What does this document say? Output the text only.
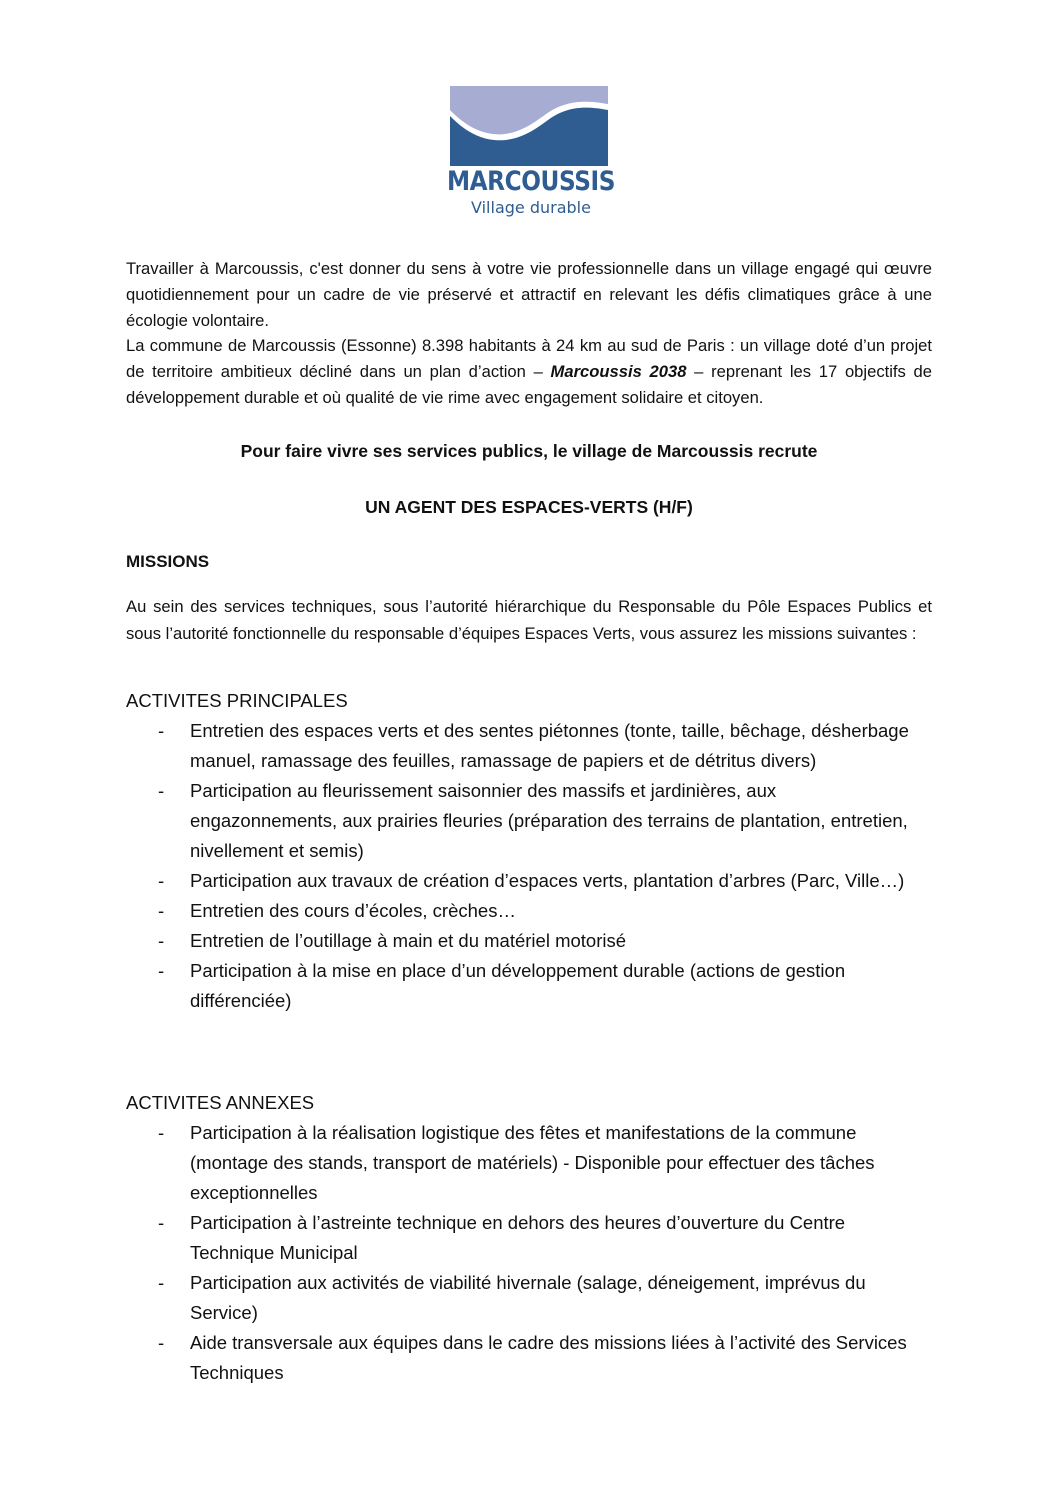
MARCOUSSIS
Village durable

Travailler à Marcoussis, c'est donner du sens à votre vie professionnelle dans un village engagé qui œuvre quotidiennement pour un cadre de vie préservé et attractif en relevant les défis climatiques grâce à une écologie volontaire.

La commune de Marcoussis (Essonne) 8.398 habitants à 24 km au sud de Paris : un village doté d’un projet de territoire ambitieux décliné dans un plan d’action – Marcoussis 2038 – reprenant les 17 objectifs de développement durable et où qualité de vie rime avec engagement solidaire et citoyen.

Pour faire vivre ses services publics, le village de Marcoussis recrute
UN AGENT DES ESPACES-VERTS (H/F)
MISSIONS
Au sein des services techniques, sous l’autorité hiérarchique du Responsable du Pôle Espaces Publics et sous l’autorité fonctionnelle du responsable d’équipes Espaces Verts, vous assurez les missions suivantes :
ACTIVITES PRINCIPALES
- Entretien des espaces verts et des sentes piétonnes (tonte, taille, bêchage, désherbage manuel, ramassage des feuilles, ramassage de papiers et de détritus divers)
- Participation au fleurissement saisonnier des massifs et jardinières, aux engazonnements, aux prairies fleuries (préparation des terrains de plantation, entretien, nivellement et semis)
- Participation aux travaux de création d’espaces verts, plantation d’arbres (Parc, Ville…)
- Entretien des cours d’écoles, crèches…
- Entretien de l’outillage à main et du matériel motorisé
- Participation à la mise en place d’un développement durable (actions de gestion différenciée)
ACTIVITES ANNEXES
- Participation à la réalisation logistique des fêtes et manifestations de la commune (montage des stands, transport de matériels) - Disponible pour effectuer des tâches exceptionnelles
- Participation à l’astreinte technique en dehors des heures d’ouverture du Centre Technique Municipal
- Participation aux activités de viabilité hivernale (salage, déneigement, imprévus du Service)
- Aide transversale aux équipes dans le cadre des missions liées à l’activité des Services Techniques
